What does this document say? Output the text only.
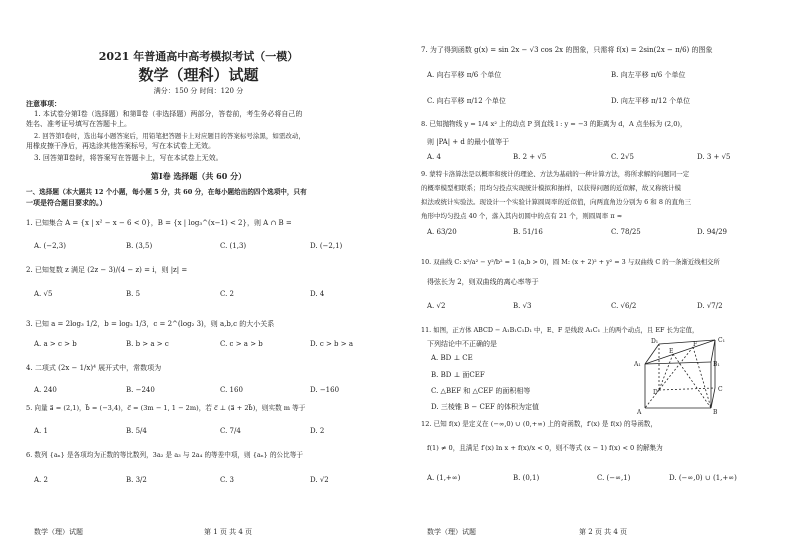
2021 年普通高中高考模拟考试（一模）
数学（理科）试题
满分：150 分 时间：120 分
注意事项：
1. 本试卷分第Ⅰ卷（选择题）和第Ⅱ卷（非选择题）两部分，答卷前，考生务必将自己的
姓名、准考证号填写在答题卡上。
2. 回答第Ⅰ卷时，选出每小题答案后，用铅笔把答题卡上对应题目的答案标号涂黑，如需改动，
用橡皮擦干净后，再选涂其他答案标号，写在本试卷上无效。
3. 回答第Ⅱ卷时，将答案写在答题卡上，写在本试卷上无效。
第Ⅰ卷 选择题（共 60 分）
一、选择题（本大题共 12 个小题，每小题 5 分，共 60 分，在每小题给出的四个选项中，只有
一项是符合题目要求的。）
1. 已知集合 A = {x | x² − x − 6 < 0}，B = {x | log₃^(x−1) < 2}，则 A ∩ B =
A. (−2,3)	B. (3,5)	C. (1,3)	D. (−2,1)
2. 已知复数 z 满足 (2z − 3)/(4 − z) = i，则 |z| =
A. √5	B. 5	C. 2	D. 4
3. 已知 a = 2log₃ 1/2，b = log₂ 1/3，c = 2^(log₂ 3)，则 a,b,c 的大小关系
A. a > c > b	B. b > a > c	C. c > a > b	D. c > b > a
4. 二项式 (2x − 1/x)⁴ 展开式中，常数项为
A. 240	B. −240	C. 160	D. −160
5. 向量 a⃗ = (2,1)，b⃗ = (−3,4)，c⃗ = (3m − 1, 1 − 2m)，若 c⃗ ⊥ (a⃗ + 2b⃗)，则实数 m 等于
A. 1	B. 5/4	C. 7/4	D. 2
6. 数列 {aₙ} 是各项均为正数的等比数列，3a₂ 是 a₃ 与 2a₄ 的等差中项，则 {aₙ} 的公比等于
A. 2	B. 3/2	C. 3	D. √2
数学（理）试题	第 1 页 共 4 页
7. 为了得到函数 g(x) = sin 2x − √3 cos 2x 的图象，只需将 f(x) = 2sin(2x − π/6) 的图象
A. 向右平移 π/6 个单位	B. 向左平移 π/6 个单位
C. 向右平移 π/12 个单位	D. 向左平移 π/12 个单位
8. 已知抛物线 y = 1/4 x² 上的动点 P 到直线 l : y = −3 的距离为 d，A 点坐标为 (2,0)，
则 |PA| + d 的最小值等于
A. 4	B. 2 + √5	C. 2√5	D. 3 + √5
9. 蒙特卡洛算法是以概率和统计的理论、方法为基础的一种计算方法，将所求解的问题同一定
的概率模型相联系；用均匀投点实现统计模拟和抽样，以获得问题的近似解，故又称统计模
拟法或统计实验法。现设计一个实验计算圆周率的近似值，向两直角边分别为 6 和 8 的直角三
角形中均匀投点 40 个，落入其内切圆中的点有 21 个，则圆周率 π ≈
A. 63/20	B. 51/16	C. 78/25	D. 94/29
10. 双曲线 C: x²/a² − y²/b² = 1 (a,b > 0)，圆 M: (x + 2)² + y² = 3 与双曲线 C 的一条渐近线相交所
得弦长为 2，则双曲线的离心率等于
A. √2	B. √3	C. √6/2	D. √7/2
11. 如图，正方体 ABCD − A₁B₁C₁D₁ 中，E、F 是线段 A₁C₁ 上的两个动点，且 EF 长为定值，
下列结论中不正确的是
A. BD ⊥ CE
B. BD ⊥ 面CEF
C. △BEF 和 △CEF 的面积相等
D. 三棱锥 B − CEF 的体积为定值
D₁	C₁
A₁	B₁
E
F
D	C
A	B
12. 已知 f(x) 是定义在 (−∞,0) ∪ (0,+∞) 上的奇函数，f′(x) 是 f(x) 的导函数，
f(1) ≠ 0，且满足 f′(x) ln x + f(x)/x < 0，则不等式 (x − 1) f(x) < 0 的解集为
A. (1,+∞)	B. (0,1)	C. (−∞,1)	D. (−∞,0) ∪ (1,+∞)
数学（理）试题	第 2 页 共 4 页
